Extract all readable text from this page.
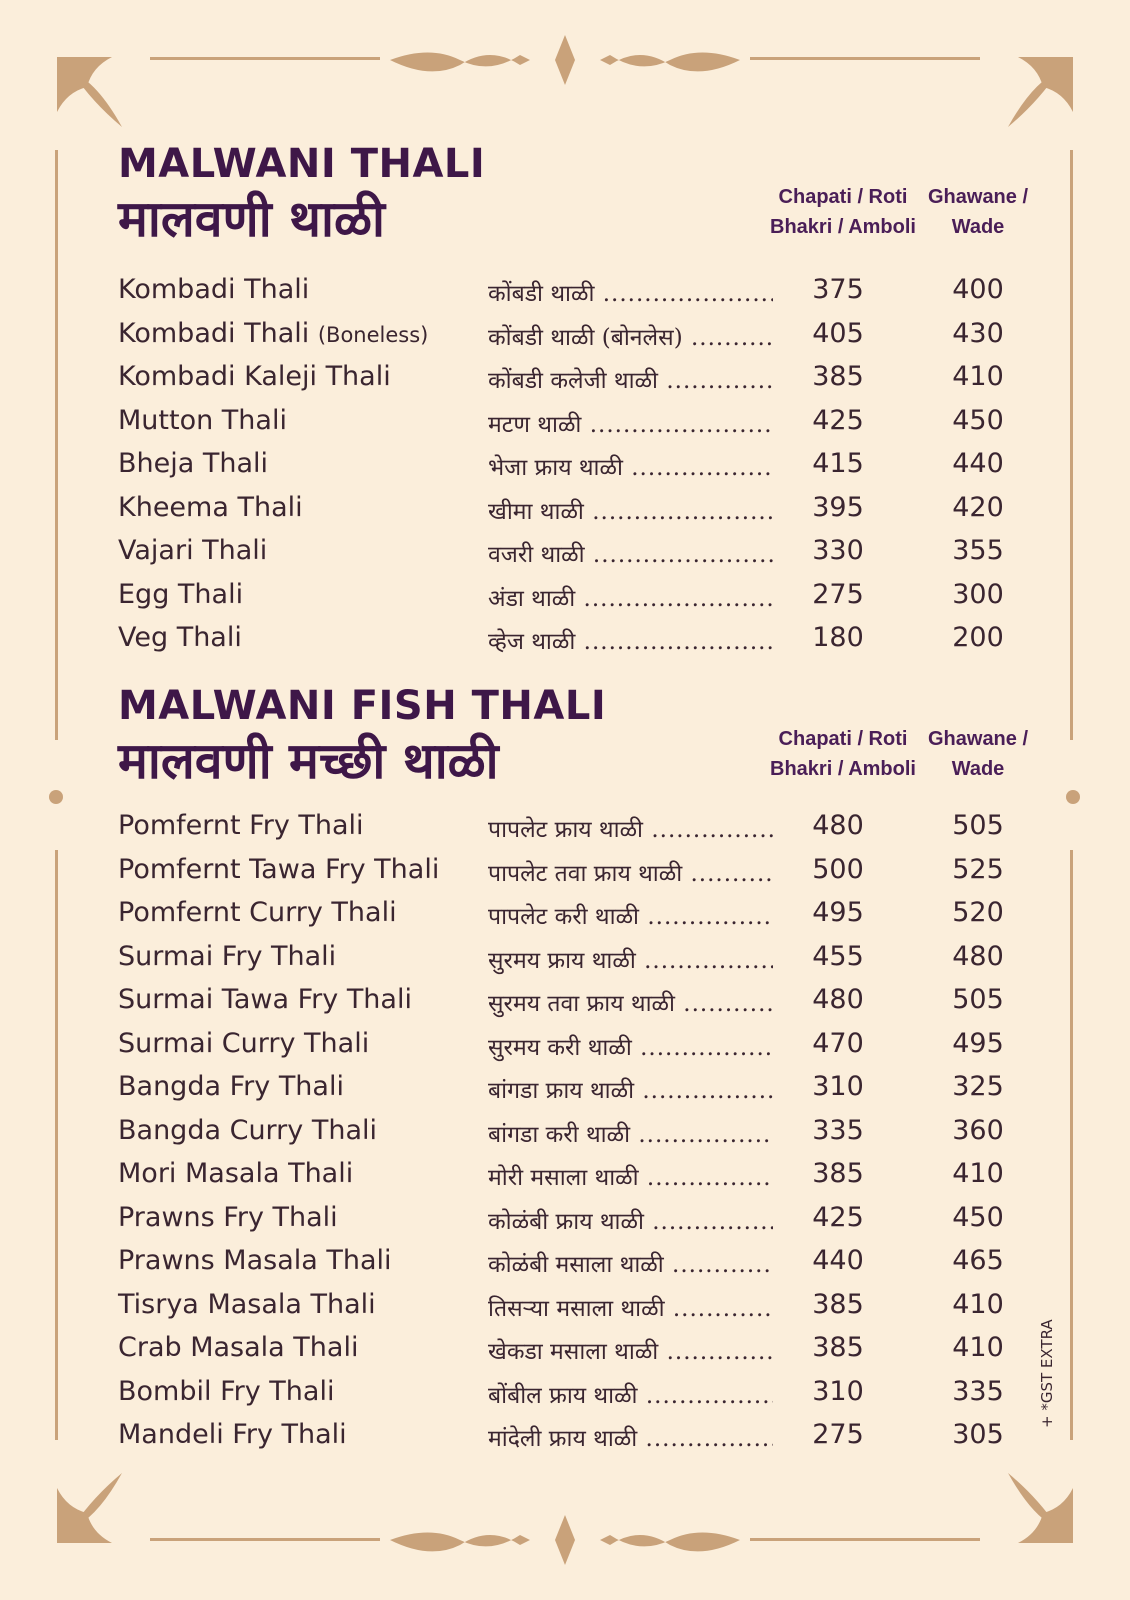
MALWANI THALI
मालवणी थाळी	Chapati / Roti
Bhakri / Amboli
Ghawane /
Wade
Kombadi Thali	कोंबडी थाळी .....	375	400
Kombadi Thali (Boneless)	कोंबडी थाळी (बोनलेस) .....	405	430
Kombadi Kaleji Thali	कोंबडी कलेजी थाळी .....	385	410
Mutton Thali	मटण थाळी .....	425	450
Bheja Thali	भेजा फ्राय थाळी .....	415	440
Kheema Thali	खीमा थाळी .....	395	420
Vajari Thali	वजरी थाळी .....	330	355
Egg Thali	अंडा थाळी .....	275	300
Veg Thali	व्हेज थाळी .....	180	200
MALWANI FISH THALI
मालवणी मच्छी थाळी	Chapati / Roti
Bhakri / Amboli
Ghawane /
Wade
Pomfernt Fry Thali	पापलेट फ्राय थाळी .....	480	505
Pomfernt Tawa Fry Thali पापलेट तवा फ्राय थाळी .....	500	525
Pomfernt Curry Thali	पापलेट करी थाळी .....	495	520
Surmai Fry Thali	सुरमय फ्राय थाळी .....	455	480
Surmai Tawa Fry Thali	सुरमय तवा फ्राय थाळी .....	480	505
Surmai Curry Thali	सुरमय करी थाळी .....	470	495
Bangda Fry Thali	बांगडा फ्राय थाळी .....	310	325
Bangda Curry Thali	बांगडा करी थाळी .....	335	360
Mori Masala Thali	मोरी मसाला थाळी .....	385	410
Prawns Fry Thali	कोळंबी फ्राय थाळी .....	425	450
Prawns Masala Thali	कोळंबी मसाला थाळी .....	440	465
Tisrya Masala Thali	तिसऱ्या मसाला थाळी .....	385	410
Crab Masala Thali	खेकडा मसाला थाळी .....	385	410
Bombil Fry Thali	बोंबील फ्राय थाळी .....	310	335
Mandeli Fry Thali	मांदेली फ्राय थाळी .....	275	305
+ *GST EXTRA
